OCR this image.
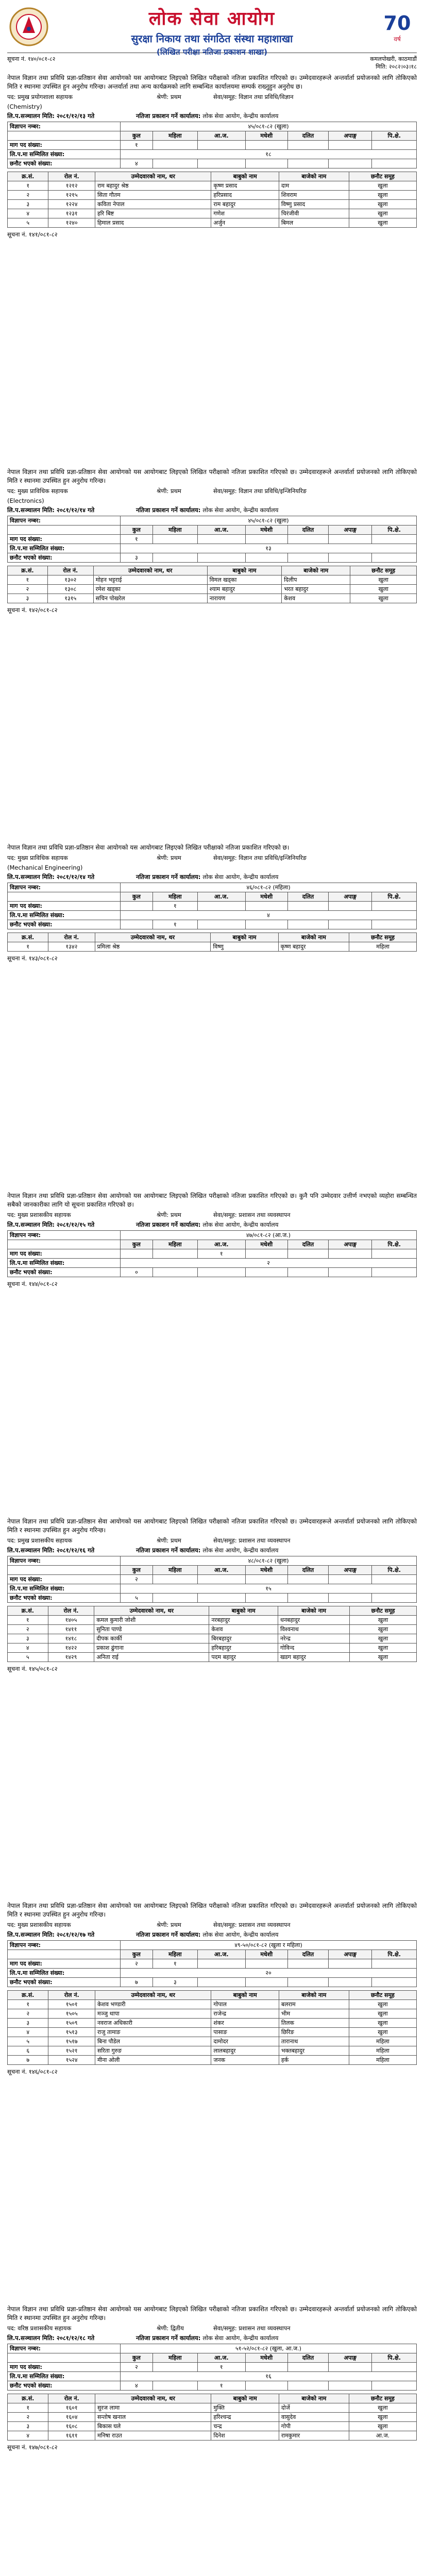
लोक सेवा आयोग
सुरक्षा निकाय तथा संगठित संस्था महाशाखा
(लिखित परीक्षा नतिजा प्रकाशन शाखा)
70
वर्ष
सूचना नं. १४०/०८१-८२	कमलपोखरी, काठमाडौं
मिति: २०८२।०३।१८
नेपाल विज्ञान तथा प्रविधि प्रज्ञा-प्रतिष्ठान सेवा आयोगको यस आयोगबाट लिइएको लिखित परीक्षाको नतिजा प्रकाशित गरिएको छ। उम्मेदवारहरूले अन्तर्वार्ता प्रयोजनको लागि तोकिएको मिति र स्थानमा उपस्थित हुन अनुरोध गरिन्छ। अन्तर्वार्ता तथा अन्य कार्यक्रमको लागि सम्बन्धित कार्यालयमा सम्पर्क राख्नुहुन अनुरोध छ।
पद: प्रमुख प्रयोगशाला सहायक	श्रेणी: प्रथम	सेवा/समूह: विज्ञान तथा प्रविधि/विज्ञान
(Chemistry)
लि.प.सञ्चालन मिति: २०८१/१२/१३ गते	नतिजा प्रकाशन गर्ने कार्यालय: लोक सेवा आयोग, केन्द्रीय कार्यालय
विज्ञापन नम्बर:	४५/०८१-८२ (खुला)						
	कुल	महिला	आ.ज.	मधेशी	दलित	अपाङ्ग	पि.क्षे.
माग पद संख्या:	१						
लि.प.मा सम्मिलित संख्या:	१८						
छनौट भएको संख्या:	४						
क्र.सं.	रोल नं.	उम्मेदवारको नाम, थर	बाबुको नाम	बाजेको नाम	छनौट समूह
१	१२१२	राम बहादुर श्रेष्ठ	कृष्ण प्रसाद	दाम	खुला
२	१२१५	सिता गौतम	हरिप्रसाद	शिवराम	खुला
३	१२२४	कविता नेपाल	राम बहादुर	विष्णु प्रसाद	खुला
४	१२३१	हरि बिष्ट	गणेश	चिरंजीवी	खुला
५	१२४०	हिमाल प्रसाद	अर्जुन	बिमल	खुला
सूचना नं. १४१/०८१-८२
नेपाल विज्ञान तथा प्रविधि प्रज्ञा-प्रतिष्ठान सेवा आयोगको यस आयोगबाट लिइएको लिखित परीक्षाको नतिजा प्रकाशित गरिएको छ। उम्मेदवारहरूले अन्तर्वार्ता प्रयोजनको लागि तोकिएको मिति र स्थानमा उपस्थित हुन अनुरोध गरिन्छ।
पद: मुख्य प्राविधिक सहायक	श्रेणी: प्रथम	सेवा/समूह: विज्ञान तथा प्रविधि/इन्जिनियरिङ
(Electronics)
लि.प.सञ्चालन मिति: २०८१/१२/१४ गते	नतिजा प्रकाशन गर्ने कार्यालय: लोक सेवा आयोग, केन्द्रीय कार्यालय
विज्ञापन नम्बर:	४५/०८१-८२ (खुला)						
	कुल	महिला	आ.ज.	मधेशी	दलित	अपाङ्ग	पि.क्षे.
माग पद संख्या:	१						
लि.प.मा सम्मिलित संख्या:	१३						
छनौट भएको संख्या:	३						
क्र.सं.	रोल नं.	उम्मेदवारको नाम, थर	बाबुको नाम	बाजेको नाम	छनौट समूह
१	१३०२	मोहन भट्टराई	विमल खड्का	दिलीप	खुला
२	१३०८	रमेश खड्का	श्याम बहादुर	भरत बहादुर	खुला
३	१३१५	सचिन पोखरेल	नारायण	केशव	खुला
सूचना नं. १४२/०८१-८२
नेपाल विज्ञान तथा प्रविधि प्रज्ञा-प्रतिष्ठान सेवा आयोगको यस आयोगबाट लिइएको लिखित परीक्षाको नतिजा प्रकाशित गरिएको छ।
पद: मुख्य प्राविधिक सहायक	श्रेणी: प्रथम	सेवा/समूह: विज्ञान तथा प्रविधि/इन्जिनियरिङ
(Mechanical Engineering)
लि.प.सञ्चालन मिति: २०८१/१२/१४ गते	नतिजा प्रकाशन गर्ने कार्यालय: लोक सेवा आयोग, केन्द्रीय कार्यालय
विज्ञापन नम्बर:	४६/०८१-८२ (महिला)						
	कुल	महिला	आ.ज.	मधेशी	दलित	अपाङ्ग	पि.क्षे.
माग पद संख्या:		१					
लि.प.मा सम्मिलित संख्या:	४						
छनौट भएको संख्या:		१					
क्र.सं.	रोल नं.	उम्मेदवारको नाम, थर	बाबुको नाम	बाजेको नाम	छनौट समूह
१	१३४२	प्रमिला श्रेष्ठ	विष्णु	कृष्ण बहादुर	महिला
सूचना नं. १४३/०८१-८२
नेपाल विज्ञान तथा प्रविधि प्रज्ञा-प्रतिष्ठान सेवा आयोगको यस आयोगबाट लिइएको लिखित परीक्षाको नतिजा प्रकाशित गरिएको छ। कुनै पनि उम्मेदवार उत्तीर्ण नभएको व्यहोरा सम्बन्धित सबैको जानकारीका लागि यो सूचना प्रकाशित गरिएको छ।
पद: मुख्य प्रशासकीय सहायक	श्रेणी: प्रथम	सेवा/समूह: प्रशासन तथा व्यवस्थापन
लि.प.सञ्चालन मिति: २०८१/१२/१५ गते	नतिजा प्रकाशन गर्ने कार्यालय: लोक सेवा आयोग, केन्द्रीय कार्यालय
विज्ञापन नम्बर:	४७/०८१-८२ (आ.ज.)						
	कुल	महिला	आ.ज.	मधेशी	दलित	अपाङ्ग	पि.क्षे.
माग पद संख्या:			१				
लि.प.मा सम्मिलित संख्या:	२						
छनौट भएको संख्या:	०						
सूचना नं. १४४/०८१-८२
नेपाल विज्ञान तथा प्रविधि प्रज्ञा-प्रतिष्ठान सेवा आयोगको यस आयोगबाट लिइएको लिखित परीक्षाको नतिजा प्रकाशित गरिएको छ। उम्मेदवारहरूले अन्तर्वार्ता प्रयोजनको लागि तोकिएको मिति र स्थानमा उपस्थित हुन अनुरोध गरिन्छ।
पद: प्रमुख प्रशासकीय सहायक	श्रेणी: प्रथम	सेवा/समूह: प्रशासन तथा व्यवस्थापन
लि.प.सञ्चालन मिति: २०८१/१२/१६ गते	नतिजा प्रकाशन गर्ने कार्यालय: लोक सेवा आयोग, केन्द्रीय कार्यालय
विज्ञापन नम्बर:	४८/०८१-८२ (खुला)						
	कुल	महिला	आ.ज.	मधेशी	दलित	अपाङ्ग	पि.क्षे.
माग पद संख्या:	२						
लि.प.मा सम्मिलित संख्या:	१५						
छनौट भएको संख्या:	५						
क्र.सं.	रोल नं.	उम्मेदवारको नाम, थर	बाबुको नाम	बाजेको नाम	छनौट समूह
१	१४०५	कमल कुमारी जोशी	नरबहादुर	धनबहादुर	खुला
२	१४११	सुनिता पाण्डे	केशव	विश्वनाथ	खुला
३	१४१८	दीपक कार्की	बिरबहादुर	नरेन्द्र	खुला
४	१४२२	प्रकाश ढुंगाना	हरिबहादुर	गोविन्द	खुला
५	१४२९	अनिता राई	पदम बहादुर	खडग बहादुर	खुला
सूचना नं. १४५/०८१-८२
नेपाल विज्ञान तथा प्रविधि प्रज्ञा-प्रतिष्ठान सेवा आयोगको यस आयोगबाट लिइएको लिखित परीक्षाको नतिजा प्रकाशित गरिएको छ। उम्मेदवारहरूले अन्तर्वार्ता प्रयोजनको लागि तोकिएको मिति र स्थानमा उपस्थित हुन अनुरोध गरिन्छ।
पद: मुख्य प्रशासकीय सहायक	श्रेणी: प्रथम	सेवा/समूह: प्रशासन तथा व्यवस्थापन
लि.प.सञ्चालन मिति: २०८१/१२/१७ गते	नतिजा प्रकाशन गर्ने कार्यालय: लोक सेवा आयोग, केन्द्रीय कार्यालय
विज्ञापन नम्बर:	४९-५०/०८१-८२ (खुला र महिला)						
	कुल	महिला	आ.ज.	मधेशी	दलित	अपाङ्ग	पि.क्षे.
माग पद संख्या:	२	१					
लि.प.मा सम्मिलित संख्या:	२०						
छनौट भएको संख्या:	७	३					
क्र.सं.	रोल नं.	उम्मेदवारको नाम, थर	बाबुको नाम	बाजेको नाम	छनौट समूह
१	१५०१	केशव भण्डारी	गोपाल	बलराम	खुला
२	१५०५	मञ्जु थापा	राजेन्द्र	भीम	खुला
३	१५०९	नवराज अधिकारी	शंकर	तिलक	खुला
४	१५१३	राजु तामाङ	पासाङ	छिरिङ	खुला
५	१५१७	बिना पौडेल	दामोदर	तारानाथ	महिला
६	१५२१	सरिता गुरुङ	लालबहादुर	भक्तबहादुर	महिला
७	१५२४	मीना ओली	जनक	हर्क	महिला
सूचना नं. १४६/०८१-८२
नेपाल विज्ञान तथा प्रविधि प्रज्ञा-प्रतिष्ठान सेवा आयोगको यस आयोगबाट लिइएको लिखित परीक्षाको नतिजा प्रकाशित गरिएको छ। उम्मेदवारहरूले अन्तर्वार्ता प्रयोजनको लागि तोकिएको मिति र स्थानमा उपस्थित हुन अनुरोध गरिन्छ।
पद: वरिष्ठ प्रशासकीय सहायक	श्रेणी: द्वितीय	सेवा/समूह: प्रशासन तथा व्यवस्थापन
लि.प.सञ्चालन मिति: २०८१/१२/१८ गते	नतिजा प्रकाशन गर्ने कार्यालय: लोक सेवा आयोग, केन्द्रीय कार्यालय
विज्ञापन नम्बर:	५१-५२/०८१-८२ (खुला, आ.ज.)						
	कुल	महिला	आ.ज.	मधेशी	दलित	अपाङ्ग	पि.क्षे.
माग पद संख्या:	२		१				
लि.प.मा सम्मिलित संख्या:	१६						
छनौट भएको संख्या:	४		१				
क्र.सं.	रोल नं.	उम्मेदवारको नाम, थर	बाबुको नाम	बाजेको नाम	छनौट समूह
१	१६०१	सुरज लामा	मुक्ति	दोर्जे	खुला
२	१६०४	सन्तोष खनाल	हरिश्चन्द्र	वासुदेव	खुला
३	१६०८	बिकास घले	चन्द्र	गोपी	खुला
४	१६११	मनिषा राउत	दिनेश	रामकुमार	आ.ज.
सूचना नं. १४७/०८१-८२
